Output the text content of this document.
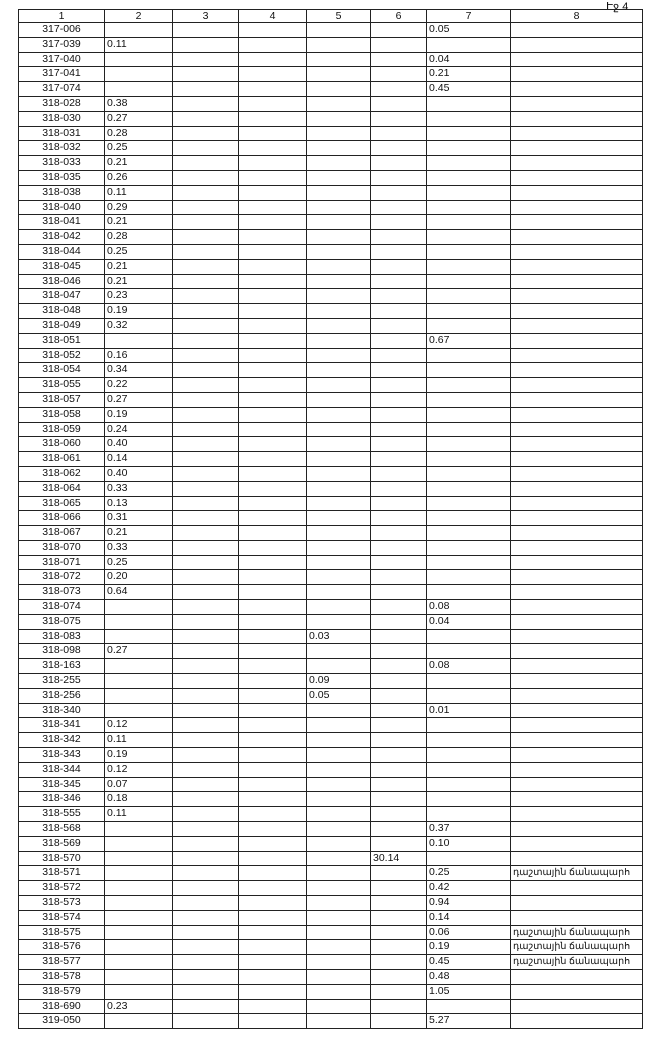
Էջ 4
1	2	3	4	5	6	7	8
317-006						0.05	
317-039	0.11						
317-040						0.04	
317-041						0.21	
317-074						0.45	
318-028	0.38						
318-030	0.27						
318-031	0.28						
318-032	0.25						
318-033	0.21						
318-035	0.26						
318-038	0.11						
318-040	0.29						
318-041	0.21						
318-042	0.28						
318-044	0.25						
318-045	0.21						
318-046	0.21						
318-047	0.23						
318-048	0.19						
318-049	0.32						
318-051						0.67	
318-052	0.16						
318-054	0.34						
318-055	0.22						
318-057	0.27						
318-058	0.19						
318-059	0.24						
318-060	0.40						
318-061	0.14						
318-062	0.40						
318-064	0.33						
318-065	0.13						
318-066	0.31						
318-067	0.21						
318-070	0.33						
318-071	0.25						
318-072	0.20						
318-073	0.64						
318-074						0.08	
318-075						0.04	
318-083				0.03			
318-098	0.27						
318-163						0.08	
318-255				0.09			
318-256				0.05			
318-340						0.01	
318-341	0.12						
318-342	0.11						
318-343	0.19						
318-344	0.12						
318-345	0.07						
318-346	0.18						
318-555	0.11						
318-568						0.37	
318-569						0.10	
318-570					30.14		
318-571						0.25	դաշտային ճանապարհ
318-572						0.42	
318-573						0.94	
318-574						0.14	
318-575						0.06	դաշտային ճանապարհ
318-576						0.19	դաշտային ճանապարհ
318-577						0.45	դաշտային ճանապարհ
318-578						0.48	
318-579						1.05	
318-690	0.23						
319-050						5.27	
